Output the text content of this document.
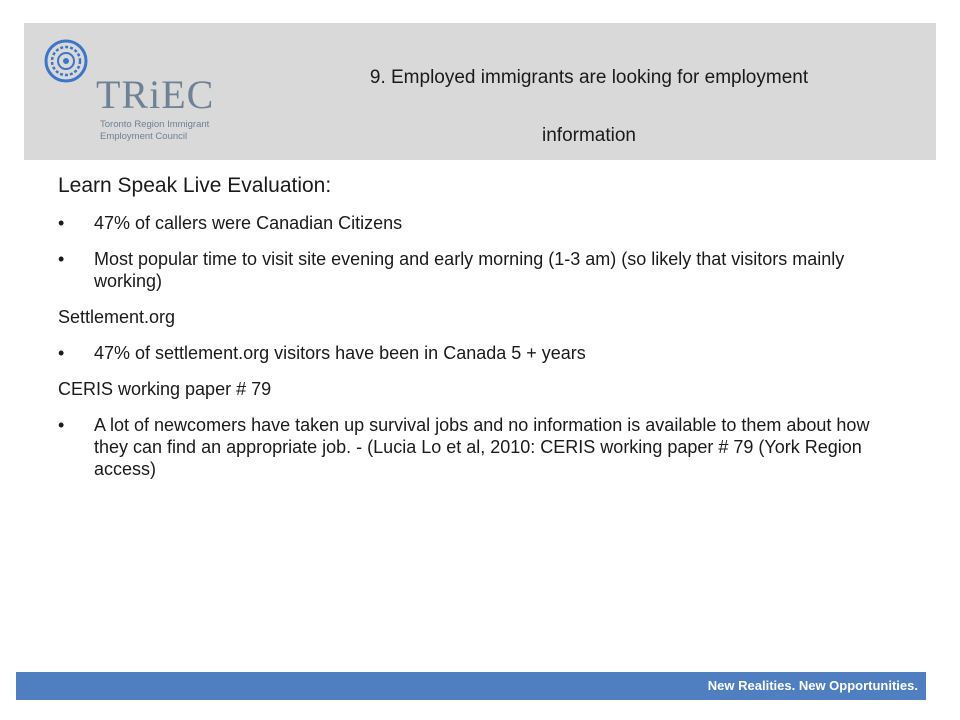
TRiEC
Toronto Region Immigrant
Employment Council
9. Employed immigrants are looking for employment
information
Learn Speak Live Evaluation:
• 47% of callers were Canadian Citizens
• Most popular time to visit site evening and early morning (1-3 am) (so likely that visitors mainly working)
Settlement.org
• 47% of settlement.org visitors have been in Canada 5 + years
CERIS working paper # 79
• A lot of newcomers have taken up survival jobs and no information is available to them about how they can find an appropriate job. - (Lucia Lo et al, 2010: CERIS working paper # 79 (York Region access)
New Realities. New Opportunities.
